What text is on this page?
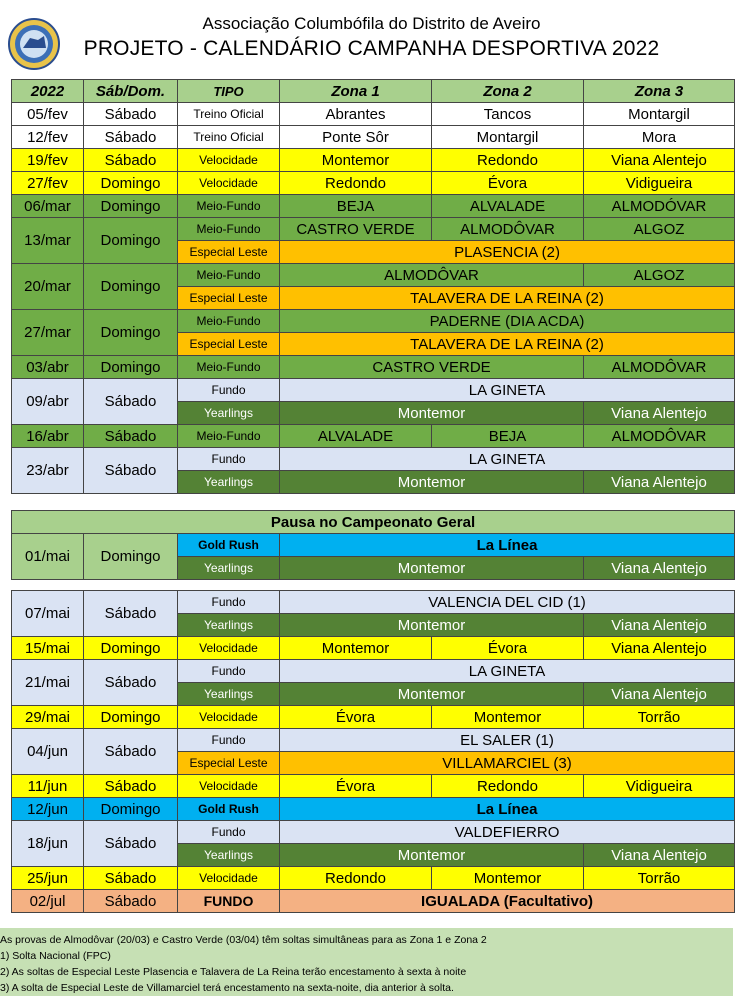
Associação Columbófila do Distrito de Aveiro
PROJETO - CALENDÁRIO CAMPANHA DESPORTIVA 2022
2022	Sáb/Dom.	TIPO	Zona 1	Zona 2	Zona 3
05/fev	Sábado	Treino Oficial	Abrantes	Tancos	Montargil
12/fev	Sábado	Treino Oficial	Ponte Sôr	Montargil	Mora
19/fev	Sábado	Velocidade	Montemor	Redondo	Viana Alentejo
27/fev	Domingo	Velocidade	Redondo	Évora	Vidigueira
06/mar	Domingo	Meio-Fundo	BEJA	ALVALADE	ALMODÓVAR
13/mar	Domingo	Meio-Fundo	CASTRO VERDE	ALMODÔVAR	ALGOZ
		Especial Leste	PLASENCIA (2)		
20/mar	Domingo	Meio-Fundo	ALMODÔVAR		ALGOZ
		Especial Leste	TALAVERA DE LA REINA (2)		
27/mar	Domingo	Meio-Fundo	PADERNE (DIA ACDA)		
		Especial Leste	TALAVERA DE LA REINA (2)		
03/abr	Domingo	Meio-Fundo	CASTRO VERDE		ALMODÔVAR
09/abr	Sábado	Fundo	LA GINETA		
		Yearlings	Montemor		Viana Alentejo
16/abr	Sábado	Meio-Fundo	ALVALADE	BEJA	ALMODÔVAR
23/abr	Sábado	Fundo	LA GINETA		
		Yearlings	Montemor		Viana Alentejo
Pausa no Campeonato Geral				
01/mai	Domingo	Gold Rush	La Línea	
		Yearlings	Montemor	Viana Alentejo
07/mai	Sábado	Fundo	VALENCIA DEL CID (1)		
		Yearlings	Montemor		Viana Alentejo
15/mai	Domingo	Velocidade	Montemor	Évora	Viana Alentejo
21/mai	Sábado	Fundo	LA GINETA		
		Yearlings	Montemor		Viana Alentejo
29/mai	Domingo	Velocidade	Évora	Montemor	Torrão
04/jun	Sábado	Fundo	EL SALER (1)		
		Especial Leste	VILLAMARCIEL (3)		
11/jun	Sábado	Velocidade	Évora	Redondo	Vidigueira
12/jun	Domingo	Gold Rush	La Línea		
18/jun	Sábado	Fundo	VALDEFIERRO		
		Yearlings	Montemor		Viana Alentejo
25/jun	Sábado	Velocidade	Redondo	Montemor	Torrão
02/jul	Sábado	FUNDO	IGUALADA (Facultativo)		
As provas de Almodôvar (20/03) e Castro Verde (03/04) têm soltas simultâneas para as Zona 1 e Zona 2
1) Solta Nacional (FPC)
2) As soltas de Especial Leste Plasencia e Talavera de La Reina terão encestamento à sexta à noite
3) A solta de Especial Leste de Villamarciel terá encestamento na sexta-noite, dia anterior à solta.
